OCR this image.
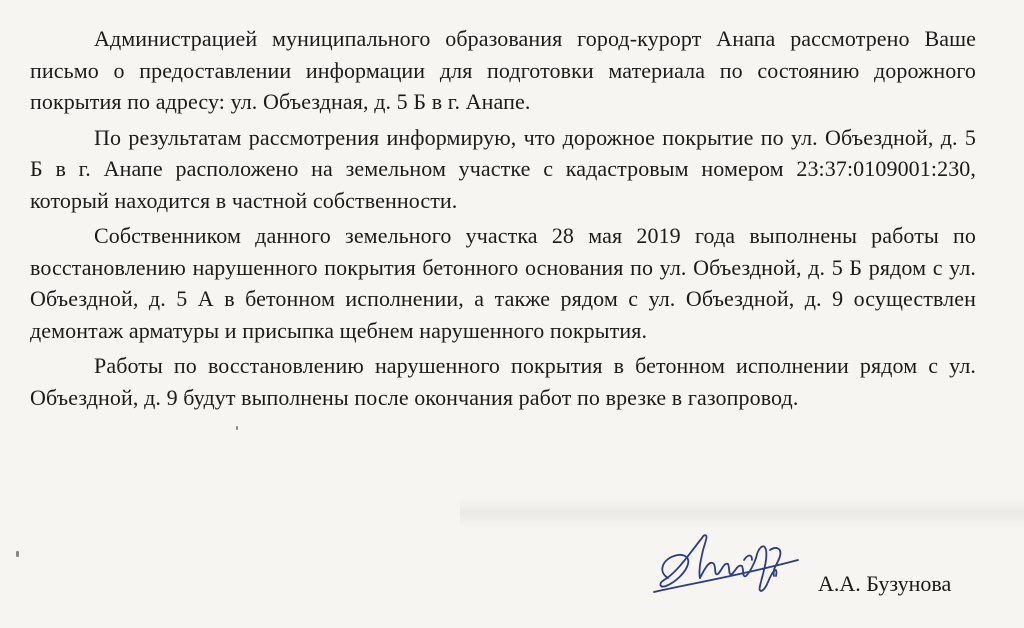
Администрацией муниципального образования город-курорт Анапа рассмотрено Ваше письмо о предоставлении информации для подготовки материала по состоянию дорожного покрытия по адресу: ул. Объездная, д. 5 Б в г. Анапе.

По результатам рассмотрения информирую, что дорожное покрытие по ул. Объездной, д. 5 Б в г. Анапе расположено на земельном участке с кадастровым номером 23:37:0109001:230, который находится в частной собственности.

Собственником данного земельного участка 28 мая 2019 года выполнены работы по восстановлению нарушенного покрытия бетонного основания по ул. Объездной, д. 5 Б рядом с ул. Объездной, д. 5 А в бетонном исполнении, а также рядом с ул. Объездной, д. 9 осуществлен демонтаж арматуры и присыпка щебнем нарушенного покрытия.

Работы по восстановлению нарушенного покрытия в бетонном исполнении рядом с ул. Объездной, д. 9 будут выполнены после окончания работ по врезке в газопровод.

А.А. Бузунова
